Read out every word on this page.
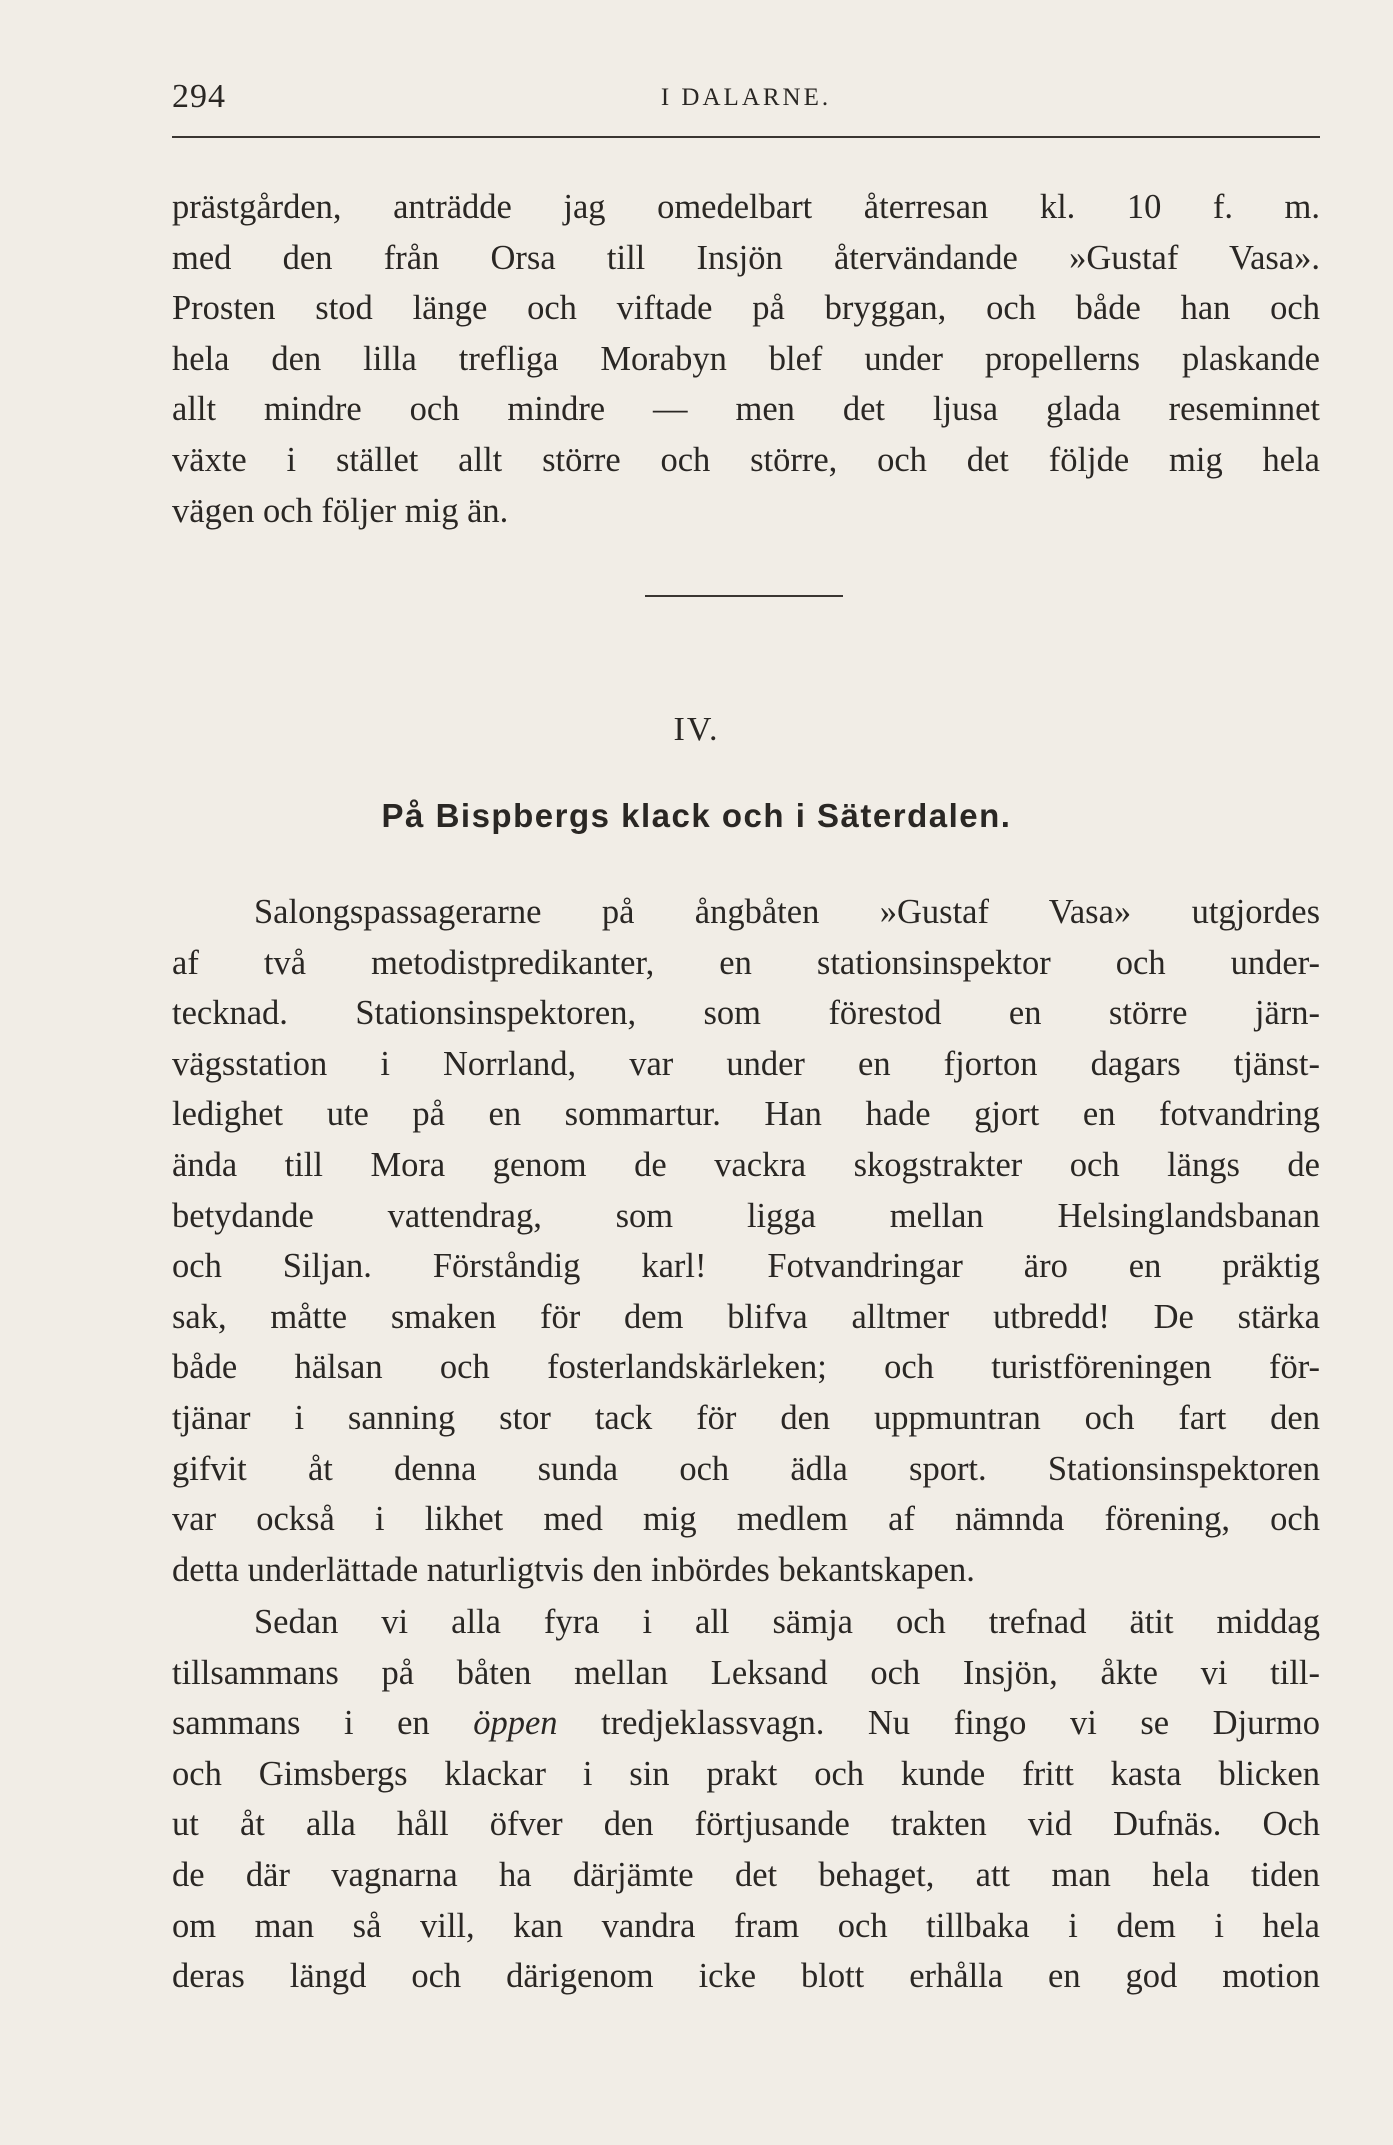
294	I DALARNE.
prästgården, anträdde jag omedelbart återresan kl. 10 f. m.
med den från Orsa till Insjön återvändande »Gustaf Vasa».
Prosten stod länge och viftade på bryggan, och både han och
hela den lilla trefliga Morabyn blef under propellerns plaskande
allt mindre och mindre — men det ljusa glada reseminnet
växte i stället allt större och större, och det följde mig hela
vägen och följer mig än.
IV.
På Bispbergs klack och i Säterdalen.
Salongspassagerarne på ångbåten »Gustaf Vasa» utgjordes
af två metodistpredikanter, en stationsinspektor och under-
tecknad. Stationsinspektoren, som förestod en större järn-
vägsstation i Norrland, var under en fjorton dagars tjänst-
ledighet ute på en sommartur. Han hade gjort en fotvandring
ända till Mora genom de vackra skogstrakter och längs de
betydande vattendrag, som ligga mellan Helsinglandsbanan
och Siljan. Förståndig karl! Fotvandringar äro en präktig
sak, måtte smaken för dem blifva alltmer utbredd! De stärka
både hälsan och fosterlandskärleken; och turistföreningen för-
tjänar i sanning stor tack för den uppmuntran och fart den
gifvit åt denna sunda och ädla sport. Stationsinspektoren
var också i likhet med mig medlem af nämnda förening, och
detta underlättade naturligtvis den inbördes bekantskapen.
Sedan vi alla fyra i all sämja och trefnad ätit middag
tillsammans på båten mellan Leksand och Insjön, åkte vi till-
sammans i en öppen tredjeklassvagn. Nu fingo vi se Djurmo
och Gimsbergs klackar i sin prakt och kunde fritt kasta blicken
ut åt alla håll öfver den förtjusande trakten vid Dufnäs. Och
de där vagnarna ha därjämte det behaget, att man hela tiden
om man så vill, kan vandra fram och tillbaka i dem i hela
deras längd och därigenom icke blott erhålla en god motion
